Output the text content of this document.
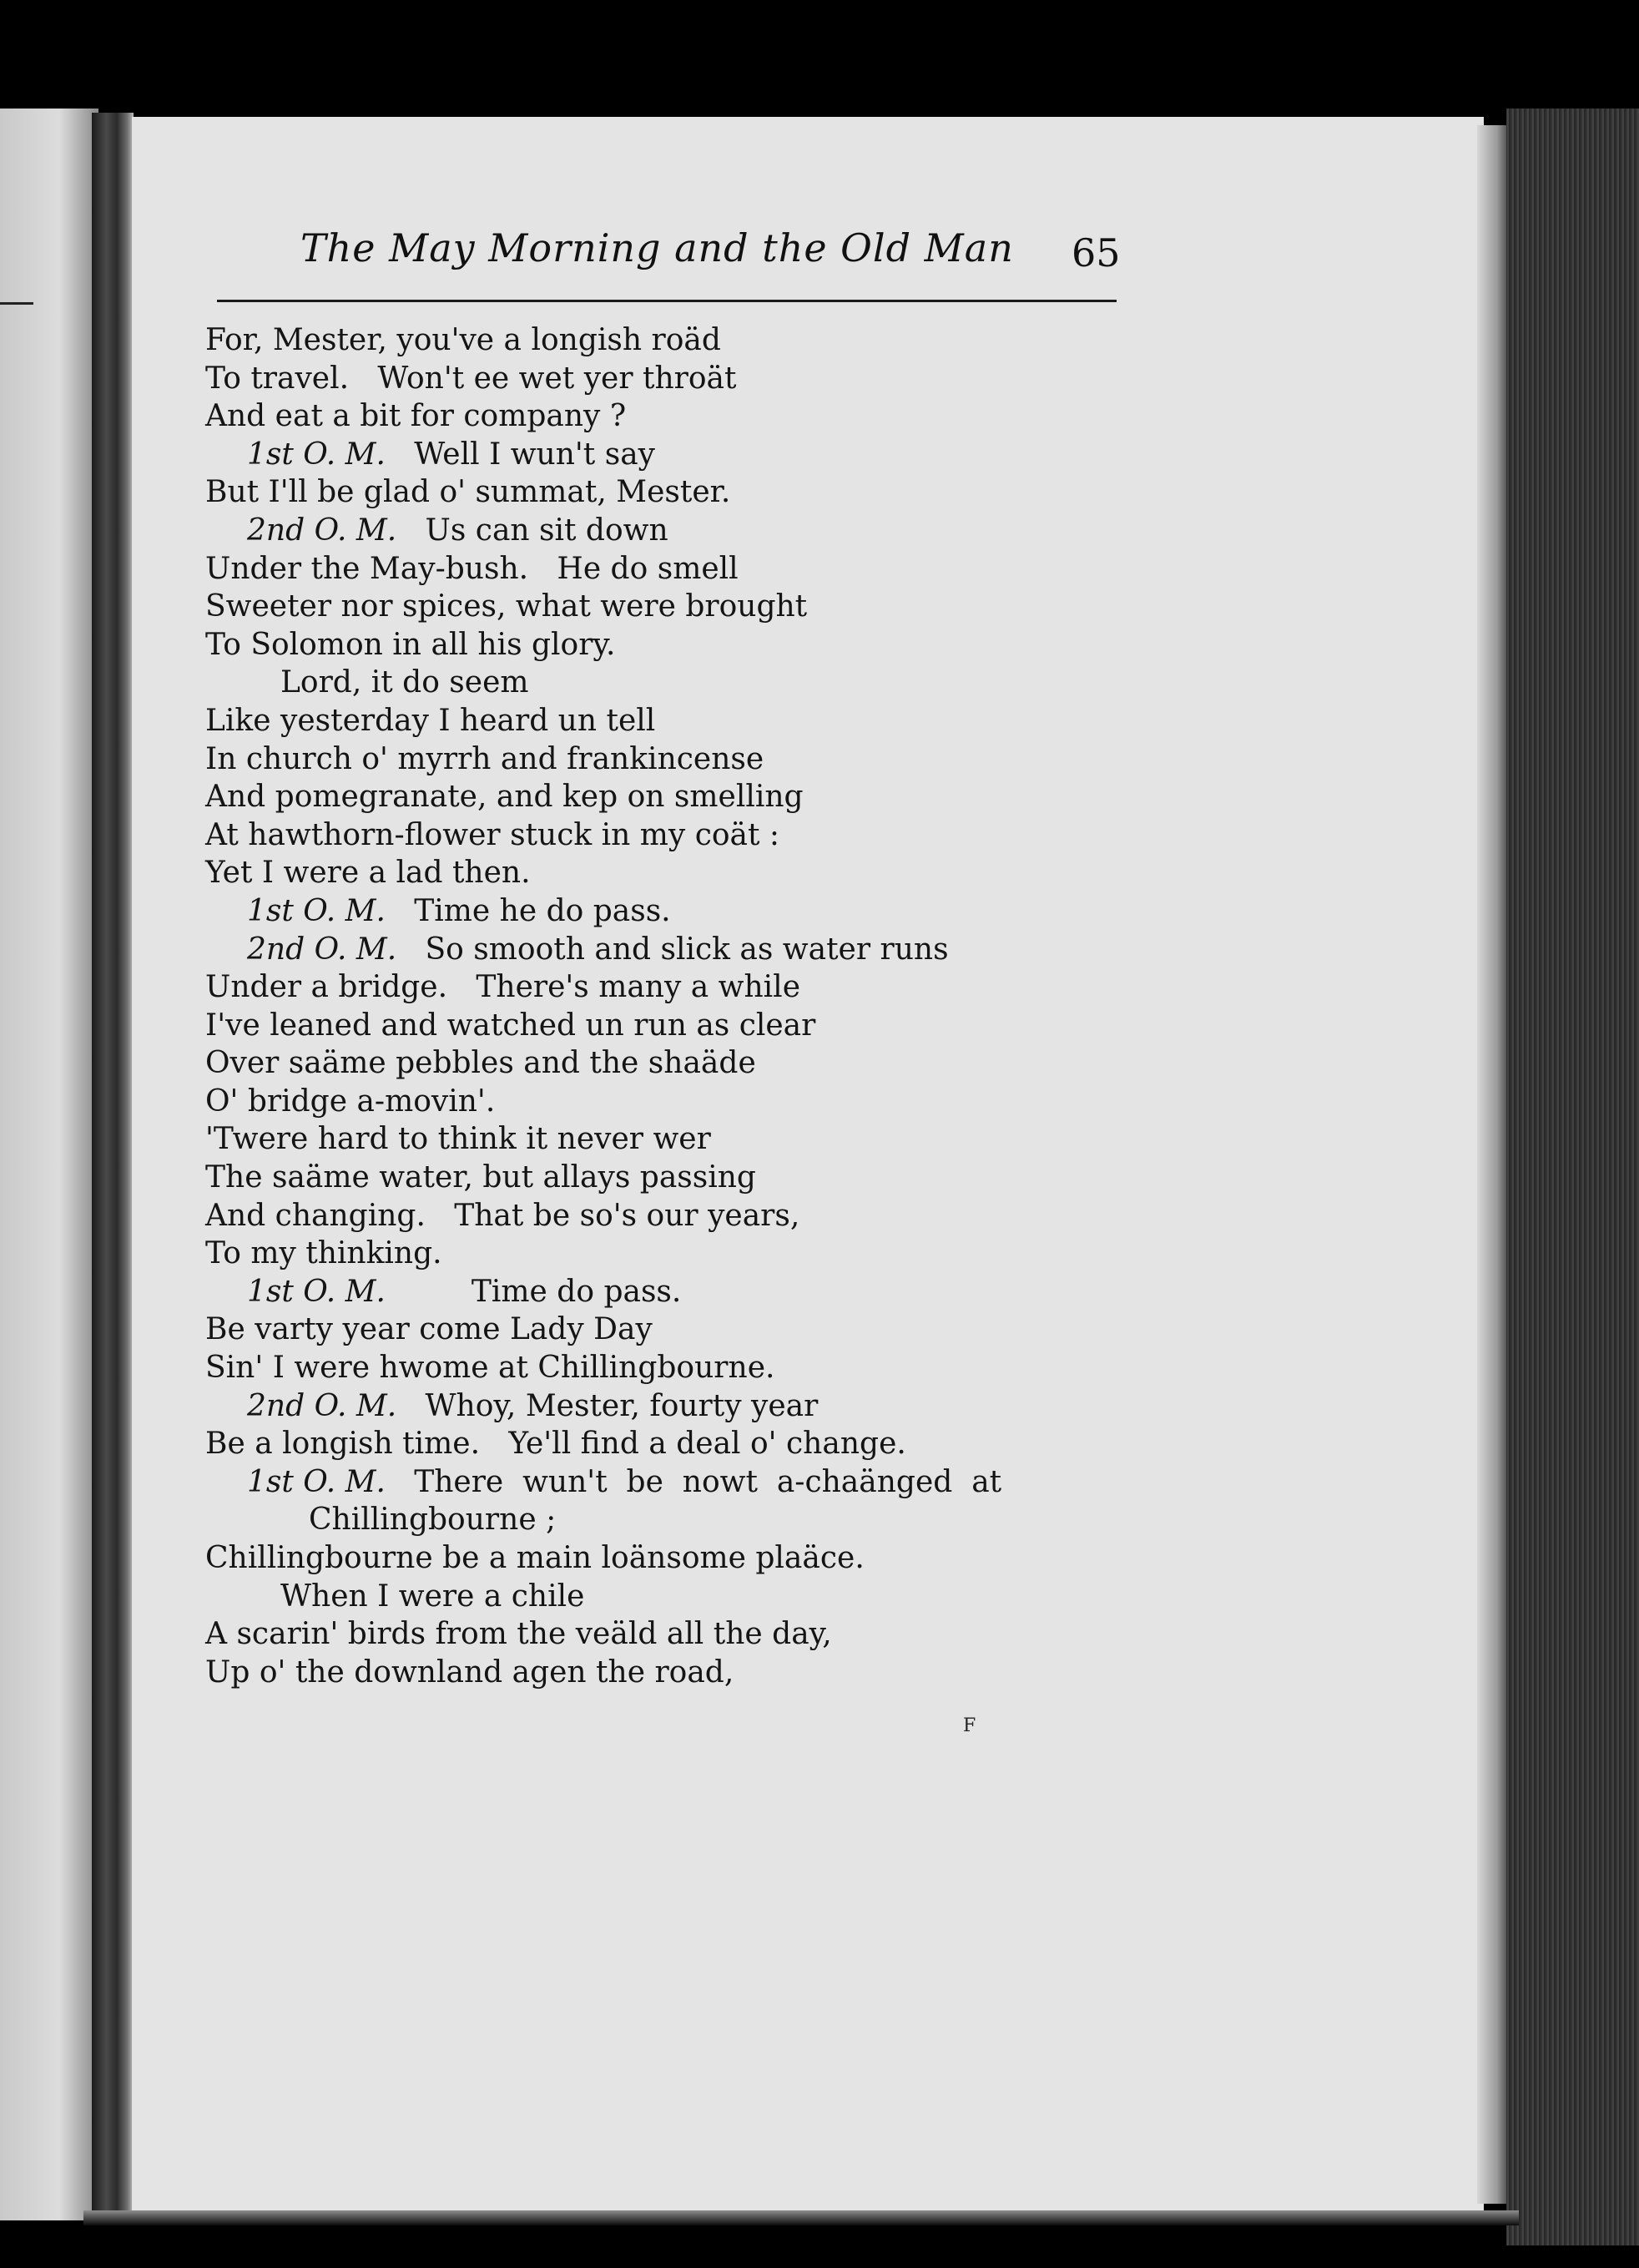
The May Morning and the Old Man 65
For, Mester, you've a longish roäd
To travel.   Won't ee wet yer throät
And eat a bit for company ?
1st O. M.   Well I wun't say
But I'll be glad o' summat, Mester.
2nd O. M.   Us can sit down
Under the May-bush.   He do smell
Sweeter nor spices, what were brought
To Solomon in all his glory.
Lord, it do seem
Like yesterday I heard un tell
In church o' myrrh and frankincense
And pomegranate, and kep on smelling
At hawthorn-flower stuck in my coät :
Yet I were a lad then.
1st O. M.   Time he do pass.
2nd O. M.   So smooth and slick as water runs
Under a bridge.   There's many a while
I've leaned and watched un run as clear
Over saäme pebbles and the shaäde
O' bridge a-movin'.
'Twere hard to think it never wer
The saäme water, but allays passing
And changing.   That be so's our years,
To my thinking.
1st O. M.         Time do pass.
Be varty year come Lady Day
Sin' I were hwome at Chillingbourne.
2nd O. M.   Whoy, Mester, fourty year
Be a longish time.   Ye'll find a deal o' change.
1st O. M.   There  wun't  be  nowt  a-chaänged  at
Chillingbourne ;
Chillingbourne be a main loänsome plaäce.
When I were a chile
A scarin' birds from the veäld all the day,
Up o' the downland agen the road,
F
